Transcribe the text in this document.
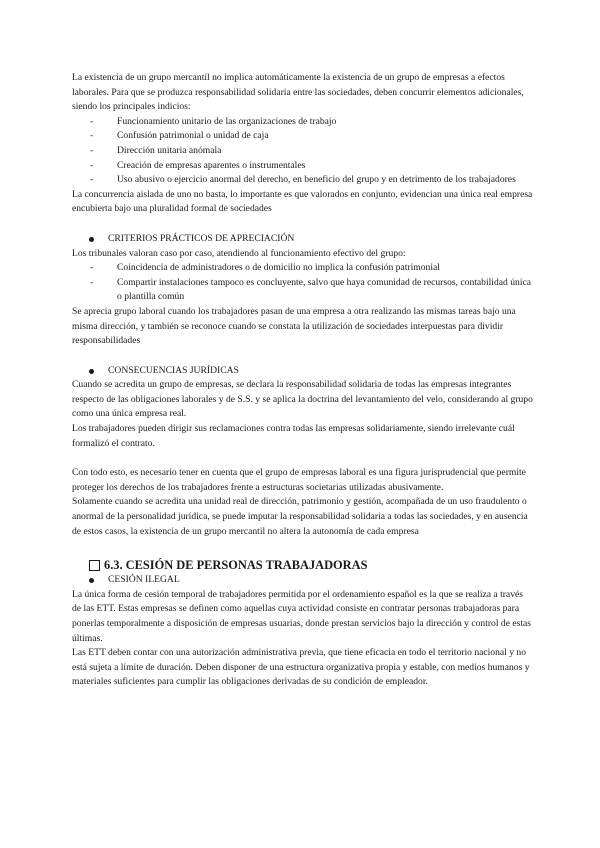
La existencia de un grupo mercantil no implica automáticamente la existencia de un grupo de empresas a efectos laborales. Para que se produzca responsabilidad solidaria entre las sociedades, deben concurrir elementos adicionales, siendo los principales indicios:

- Funcionamiento unitario de las organizaciones de trabajo
- Confusión patrimonial o unidad de caja
- Dirección unitaria anómala
- Creación de empresas aparentes o instrumentales
- Uso abusivo o ejercicio anormal del derecho, en beneficio del grupo y en detrimento de los trabajadores

La concurrencia aislada de uno no basta, lo importante es que valorados en conjunto, evidencian una única real empresa encubierta bajo una pluralidad formal de sociedades

CRITERIOS PRÁCTICOS DE APRECIACIÓN

Los tribunales valoran caso por caso, atendiendo al funcionamiento efectivo del grupo:

- Coincidencia de administradores o de domicilio no implica la confusión patrimonial
- Compartir instalaciones tampoco es concluyente, salvo que haya comunidad de recursos, contabilidad única o plantilla común

Se aprecia grupo laboral cuando los trabajadores pasan de una empresa a otra realizando las mismas tareas bajo una misma dirección, y también se reconoce cuando se constata la utilización de sociedades interpuestas para dividir responsabilidades

CONSECUENCIAS JURÍDICAS

Cuando se acredita un grupo de empresas, se declara la responsabilidad solidaria de todas las empresas integrantes respecto de las obligaciones laborales y de S.S. y se aplica la doctrina del levantamiento del velo, considerando al grupo como una única empresa real.

Los trabajadores pueden dirigir sus reclamaciones contra todas las empresas solidariamente, siendo irrelevante cuál formalizó el contrato.

Con todo esto, es necesario tener en cuenta que el grupo de empresas laboral es una figura jurisprudencial que permite proteger los derechos de los trabajadores frente a estructuras societarias utilizadas abusivamente.

Solamente cuando se acredita una unidad real de dirección, patrimonio y gestión, acompañada de un uso fraudulento o anormal de la personalidad jurídica, se puede imputar la responsabilidad solidaria a todas las sociedades, y en ausencia de estos casos, la existencia de un grupo mercantil no altera la autonomía de cada empresa

6.3. CESIÓN DE PERSONAS TRABAJADORAS
CESIÓN ILEGAL

La única forma de cesión temporal de trabajadores permitida por el ordenamiento español es la que se realiza a través de las ETT. Estas empresas se definen como aquellas cuya actividad consiste en contratar personas trabajadoras para ponerlas temporalmente a disposición de empresas usuarias, donde prestan servicios bajo la dirección y control de estas últimas.

Las ETT deben contar con una autorización administrativa previa, que tiene eficacia en todo el territorio nacional y no está sujeta a límite de duración. Deben disponer de una estructura organizativa propia y estable, con medios humanos y materiales suficientes para cumplir las obligaciones derivadas de su condición de empleador.
